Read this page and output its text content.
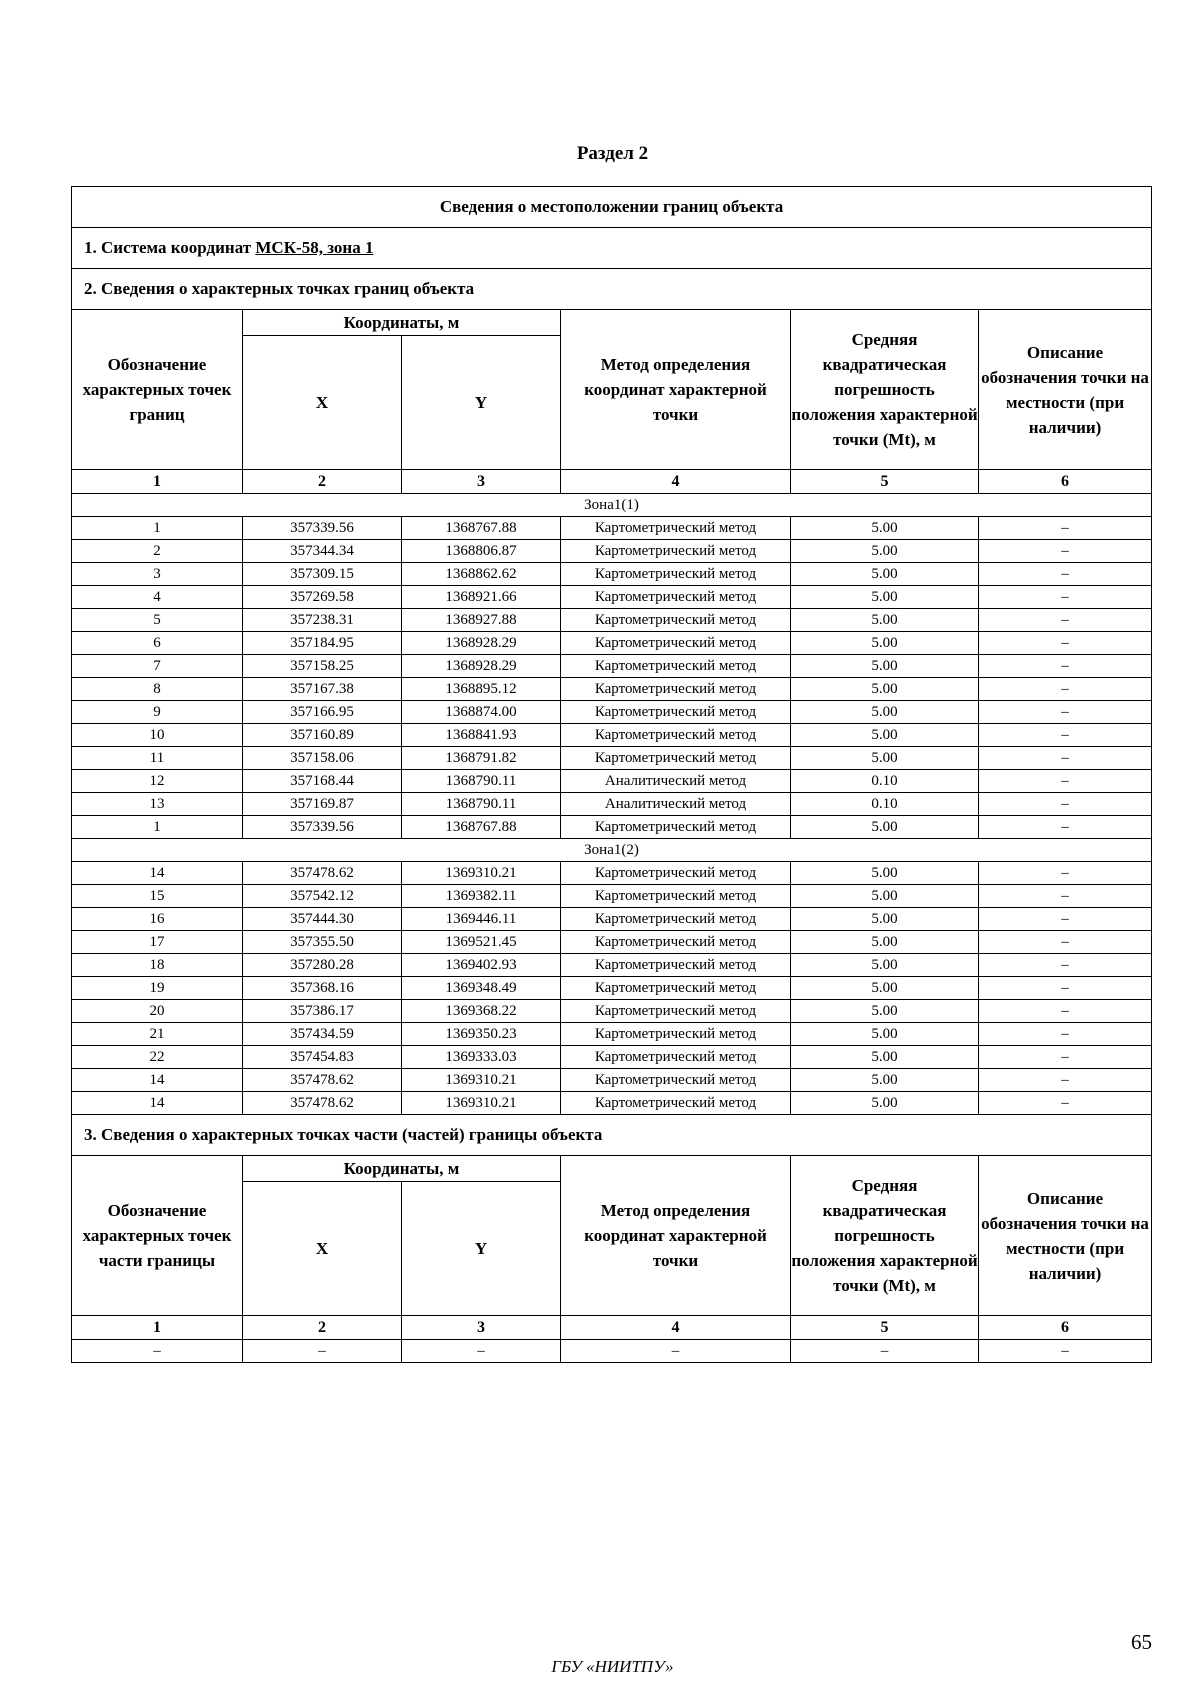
Раздел 2
Сведения о местоположении границ объекта					
1. Система координат МСК-58, зона 1					
2. Сведения о характерных точках границ объекта					
Обозначение характерных точек границ	Координаты, м		Метод определения координат характерной точки	Средняя квадратическая погрешность положения характерной точки (Mt), м	Описание обозначения точки на местности (при наличии)
	X	Y			
1	2	3	4	5	6
Зона1(1)					
1	357339.56	1368767.88	Картометрический метод	5.00	–
2	357344.34	1368806.87	Картометрический метод	5.00	–
3	357309.15	1368862.62	Картометрический метод	5.00	–
4	357269.58	1368921.66	Картометрический метод	5.00	–
5	357238.31	1368927.88	Картометрический метод	5.00	–
6	357184.95	1368928.29	Картометрический метод	5.00	–
7	357158.25	1368928.29	Картометрический метод	5.00	–
8	357167.38	1368895.12	Картометрический метод	5.00	–
9	357166.95	1368874.00	Картометрический метод	5.00	–
10	357160.89	1368841.93	Картометрический метод	5.00	–
11	357158.06	1368791.82	Картометрический метод	5.00	–
12	357168.44	1368790.11	Аналитический метод	0.10	–
13	357169.87	1368790.11	Аналитический метод	0.10	–
1	357339.56	1368767.88	Картометрический метод	5.00	–
Зона1(2)					
14	357478.62	1369310.21	Картометрический метод	5.00	–
15	357542.12	1369382.11	Картометрический метод	5.00	–
16	357444.30	1369446.11	Картометрический метод	5.00	–
17	357355.50	1369521.45	Картометрический метод	5.00	–
18	357280.28	1369402.93	Картометрический метод	5.00	–
19	357368.16	1369348.49	Картометрический метод	5.00	–
20	357386.17	1369368.22	Картометрический метод	5.00	–
21	357434.59	1369350.23	Картометрический метод	5.00	–
22	357454.83	1369333.03	Картометрический метод	5.00	–
14	357478.62	1369310.21	Картометрический метод	5.00	–
14	357478.62	1369310.21	Картометрический метод	5.00	–
3. Сведения о характерных точках части (частей) границы объекта					
Обозначение характерных точек части границы	Координаты, м		Метод определения координат характерной точки	Средняя квадратическая погрешность положения характерной точки (Mt), м	Описание обозначения точки на местности (при наличии)
	X	Y			
1	2	3	4	5	6
–	–	–	–	–	–
65
ГБУ «НИИТПУ»
